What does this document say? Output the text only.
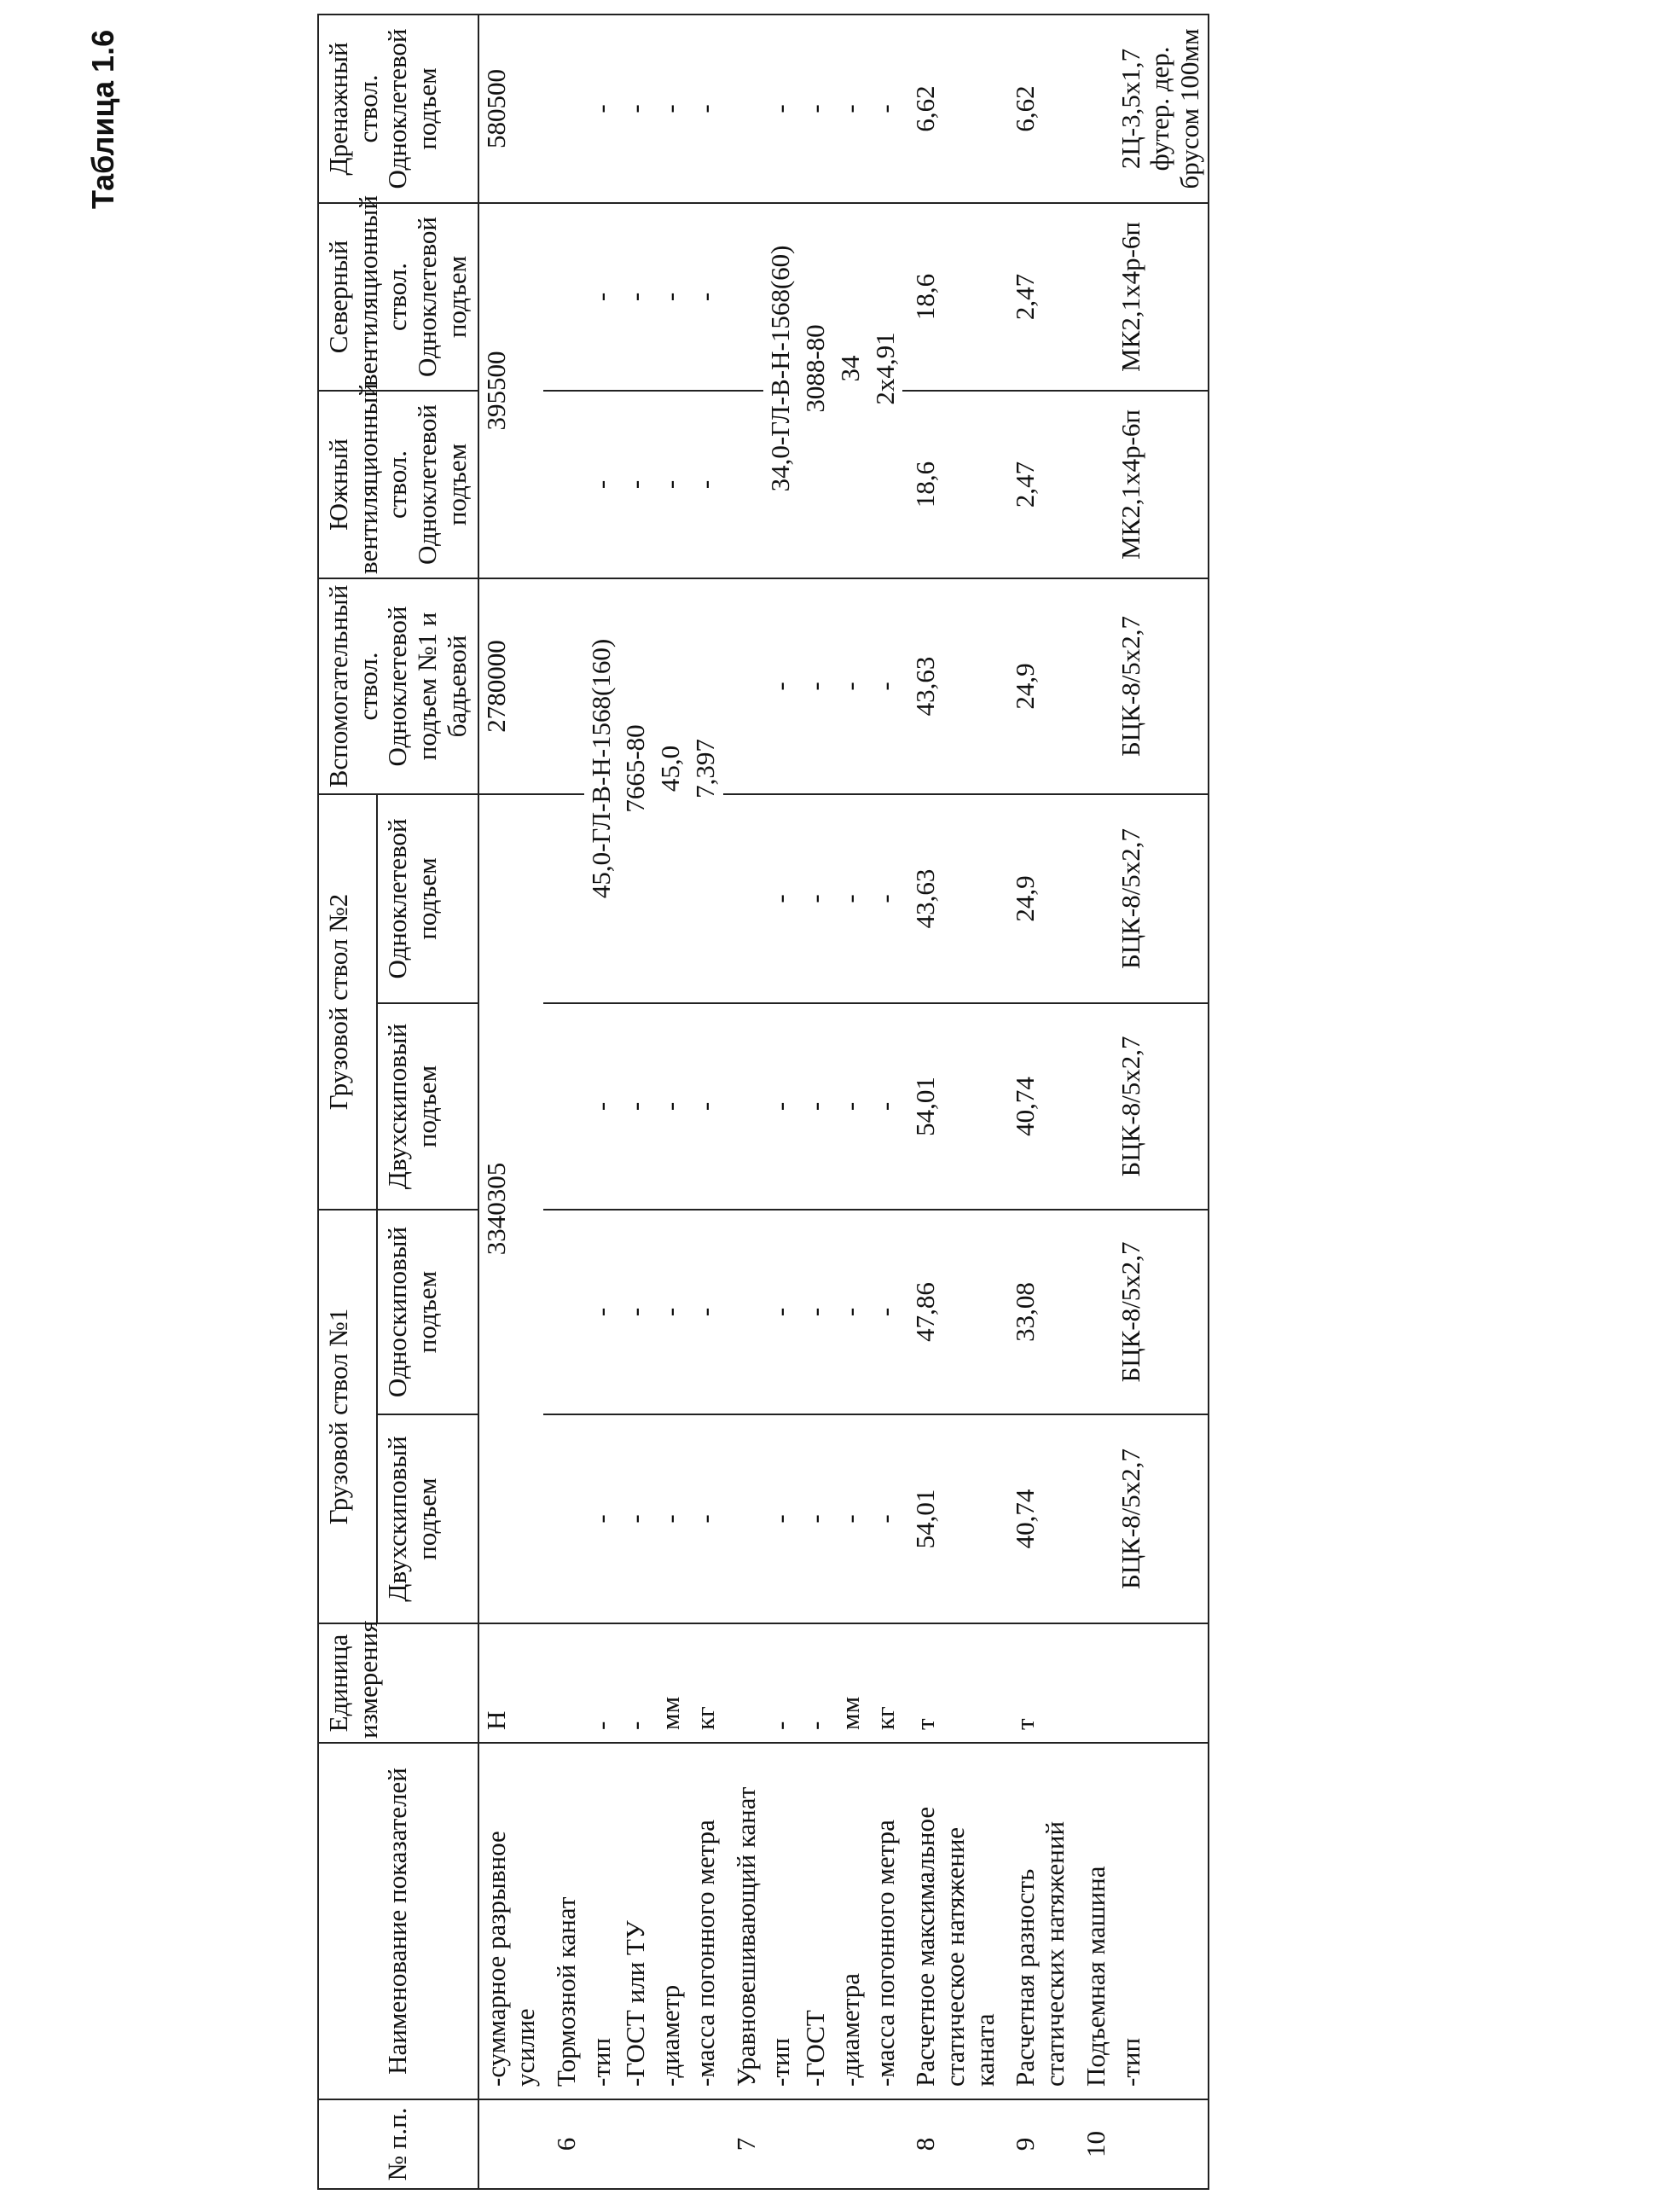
Таблица 1.6
№ п.п.	Наименование показателей	Единица измерения	Грузовой ствол №1		Грузовой ствол №2		Вспомогательный ствол. Одноклетевой подъем №1 и бадьевой	Южный вентиляционный ствол. Одноклетевой подъем	Северный вентиляционный ствол. Одноклетевой подъем	Дренажный ствол. Одноклетевой подъем
			Двухскиповый подъем	Односкиповый подъем	Двухскиповый подъем	Одноклетевой подъем				
	-суммарное разрывное усилие	Н	3340305				2780000	395500		580500
6	Тормозной канат									
	-тип	-	-	-	-	45,0-ГЛ-В-Н-1568(160)		-	-	-
	-ГОСТ или ТУ	-	-	-	-	7665-80		-	-	-
	-диаметр	мм	-	-	-	45,0		-	-	-
	-масса погонного метра	кг	-	-	-	7,397		-	-	-
7	Уравновешивающий канат									
	-тип	-	-	-	-	-	-	34,0-ГЛ-В-Н-1568(60)		-
	-ГОСТ	-	-	-	-	-	-	3088-80		-
	-диаметра	мм	-	-	-	-	-	34		-
	-масса погонного метра	кг	-	-	-	-	-	2х4,91		-
8	Расчетное максимальное статическое натяжение каната	т	54,01	47,86	54,01	43,63	43,63	18,6	18,6	6,62
9	Расчетная разность статических натяжений	т	40,74	33,08	40,74	24,9	24,9	2,47	2,47	6,62
10	Подъемная машина									
	-тип		БЦК-8/5х2,7	БЦК-8/5х2,7	БЦК-8/5х2,7	БЦК-8/5х2,7	БЦК-8/5х2,7	МК2,1х4р-6п	МК2,1х4р-6п	2Ц-3,5х1,7 футер. дер. брусом 100мм
